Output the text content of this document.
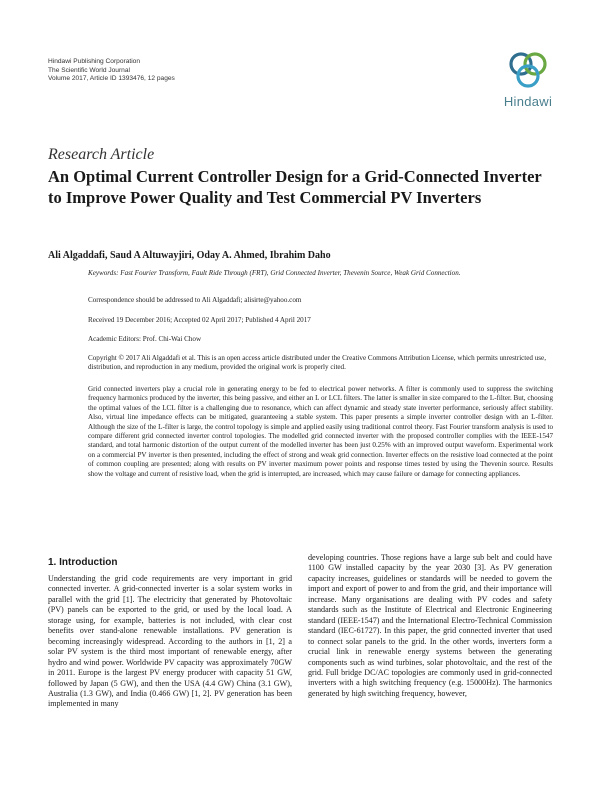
Hindawi Publishing Corporation
The Scientific World Journal
Volume 2017, Article ID 1393476, 12 pages
Hindawi
Research Article
An Optimal Current Controller Design for a Grid-Connected Inverter to Improve Power Quality and Test Commercial PV Inverters
Ali Algaddafi, Saud A Altuwayjiri, Oday A. Ahmed, Ibrahim Daho
Keywords: Fast Fourier Transform, Fault Ride Through (FRT), Grid Connected Inverter, Thevenin Source, Weak Grid Connection.
Correspondence should be addressed to Ali Algaddafi; alisirte@yahoo.com
Received 19 December 2016; Accepted 02 April 2017; Published 4 April 2017
Academic Editors: Prof. Chi-Wai Chow
Copyright © 2017 Ali Algaddafi et al. This is an open access article distributed under the Creative Commons Attribution License, which permits unrestricted use, distribution, and reproduction in any medium, provided the original work is properly cited.
Grid connected inverters play a crucial role in generating energy to be fed to electrical power networks. A filter is commonly used to suppress the switching frequency harmonics produced by the inverter, this being passive, and either an L or LCL filters. The latter is smaller in size compared to the L-filter. But, choosing the optimal values of the LCL filter is a challenging due to resonance, which can affect dynamic and steady state inverter performance, seriously affect stability. Also, virtual line impedance effects can be mitigated, guaranteeing a stable system. This paper presents a simple inverter controller design with an L-filter. Although the size of the L-filter is large, the control topology is simple and applied easily using traditional control theory. Fast Fourier transform analysis is used to compare different grid connected inverter control topologies. The modelled grid connected inverter with the proposed controller complies with the IEEE-1547 standard, and total harmonic distortion of the output current of the modelled inverter has been just 0.25% with an improved output waveform. Experimental work on a commercial PV inverter is then presented, including the effect of strong and weak grid connection. Inverter effects on the resistive load connected at the point of common coupling are presented; along with results on PV inverter maximum power points and response times tested by using the Thevenin source. Results show the voltage and current of resistive load, when the grid is interrupted, are increased, which may cause failure or damage for connecting appliances.
1. Introduction
Understanding the grid code requirements are very important in grid connected inverter. A grid-connected inverter is a solar system works in parallel with the grid [1]. The electricity that generated by Photovoltaic (PV) panels can be exported to the grid, or used by the local load. A storage using, for example, batteries is not included, with clear cost benefits over stand-alone renewable installations. PV generation is becoming increasingly widespread. According to the authors in [1, 2] a solar PV system is the third most important of renewable energy, after hydro and wind power. Worldwide PV capacity was approximately 70GW in 2011. Europe is the largest PV energy producer with capacity 51 GW, followed by Japan (5 GW), and then the USA (4.4 GW) China (3.1 GW), Australia (1.3 GW), and India (0.466 GW) [1, 2]. PV generation has been implemented in many
developing countries. Those regions have a large sub belt and could have 1100 GW installed capacity by the year 2030 [3]. As PV generation capacity increases, guidelines or standards will be needed to govern the import and export of power to and from the grid, and their importance will increase. Many organisations are dealing with PV codes and safety standards such as the Institute of Electrical and Electronic Engineering standard (IEEE-1547) and the International Electro-Technical Commission standard (IEC-61727). In this paper, the grid connected inverter that used to connect solar panels to the grid. In the other words, inverters form a crucial link in renewable energy systems between the generating components such as wind turbines, solar photovoltaic, and the rest of the grid. Full bridge DC/AC topologies are commonly used in grid-connected inverters with a high switching frequency (e.g. 15000Hz). The harmonics generated by high switching frequency, however,
